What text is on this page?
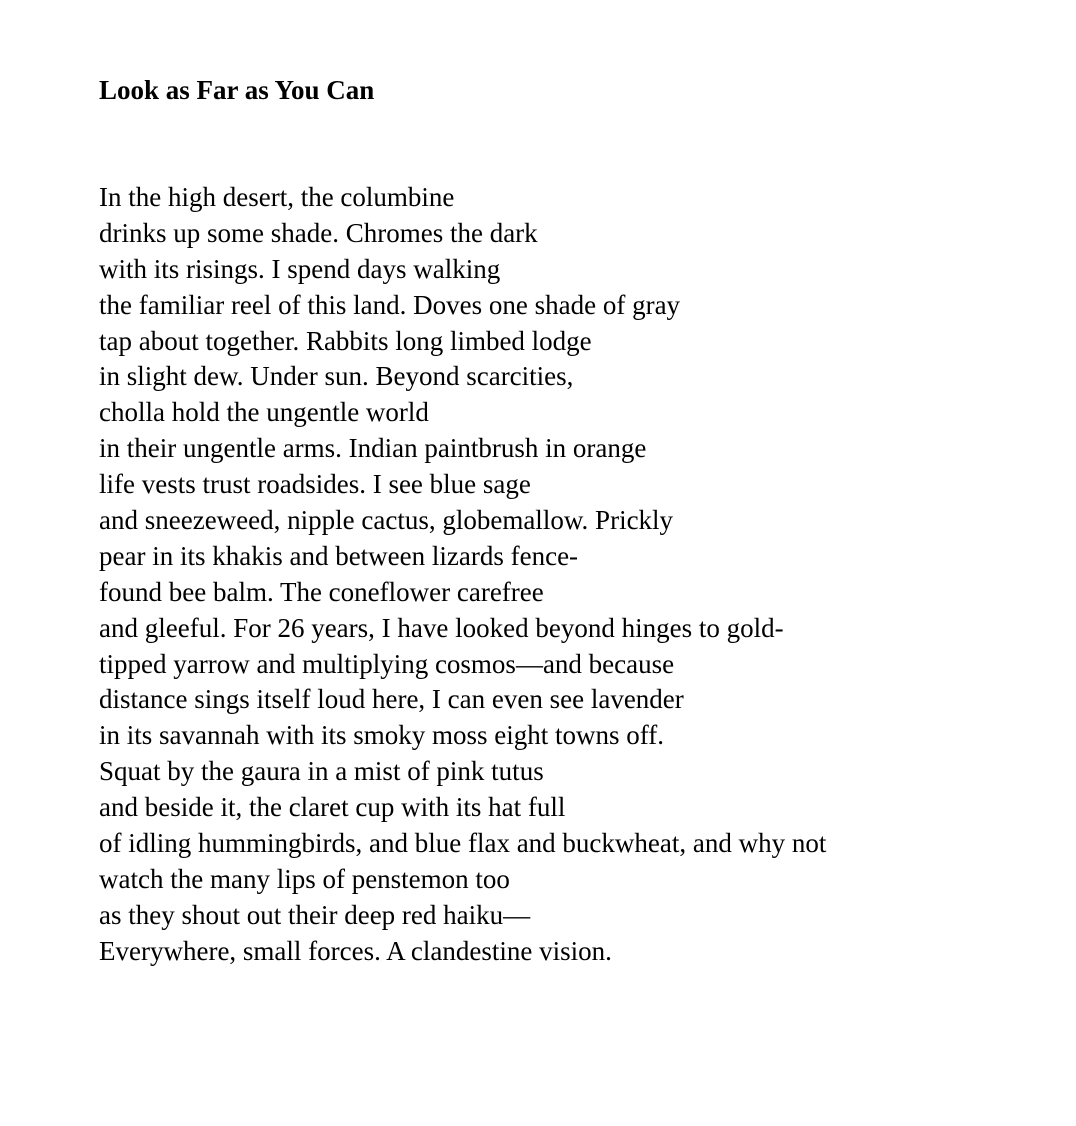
Look as Far as You Can
In the high desert, the columbine
drinks up some shade. Chromes the dark
with its risings. I spend days walking
the familiar reel of this land. Doves one shade of gray
tap about together. Rabbits long limbed lodge
in slight dew. Under sun. Beyond scarcities,
cholla hold the ungentle world
in their ungentle arms. Indian paintbrush in orange
life vests trust roadsides. I see blue sage
and sneezeweed, nipple cactus, globemallow. Prickly
pear in its khakis and between lizards fence-
found bee balm. The coneflower carefree
and gleeful. For 26 years, I have looked beyond hinges to gold-
tipped yarrow and multiplying cosmos—and because
distance sings itself loud here, I can even see lavender
in its savannah with its smoky moss eight towns off.
Squat by the gaura in a mist of pink tutus
and beside it, the claret cup with its hat full
of idling hummingbirds, and blue flax and buckwheat, and why not
watch the many lips of penstemon too
as they shout out their deep red haiku—
Everywhere, small forces. A clandestine vision.
